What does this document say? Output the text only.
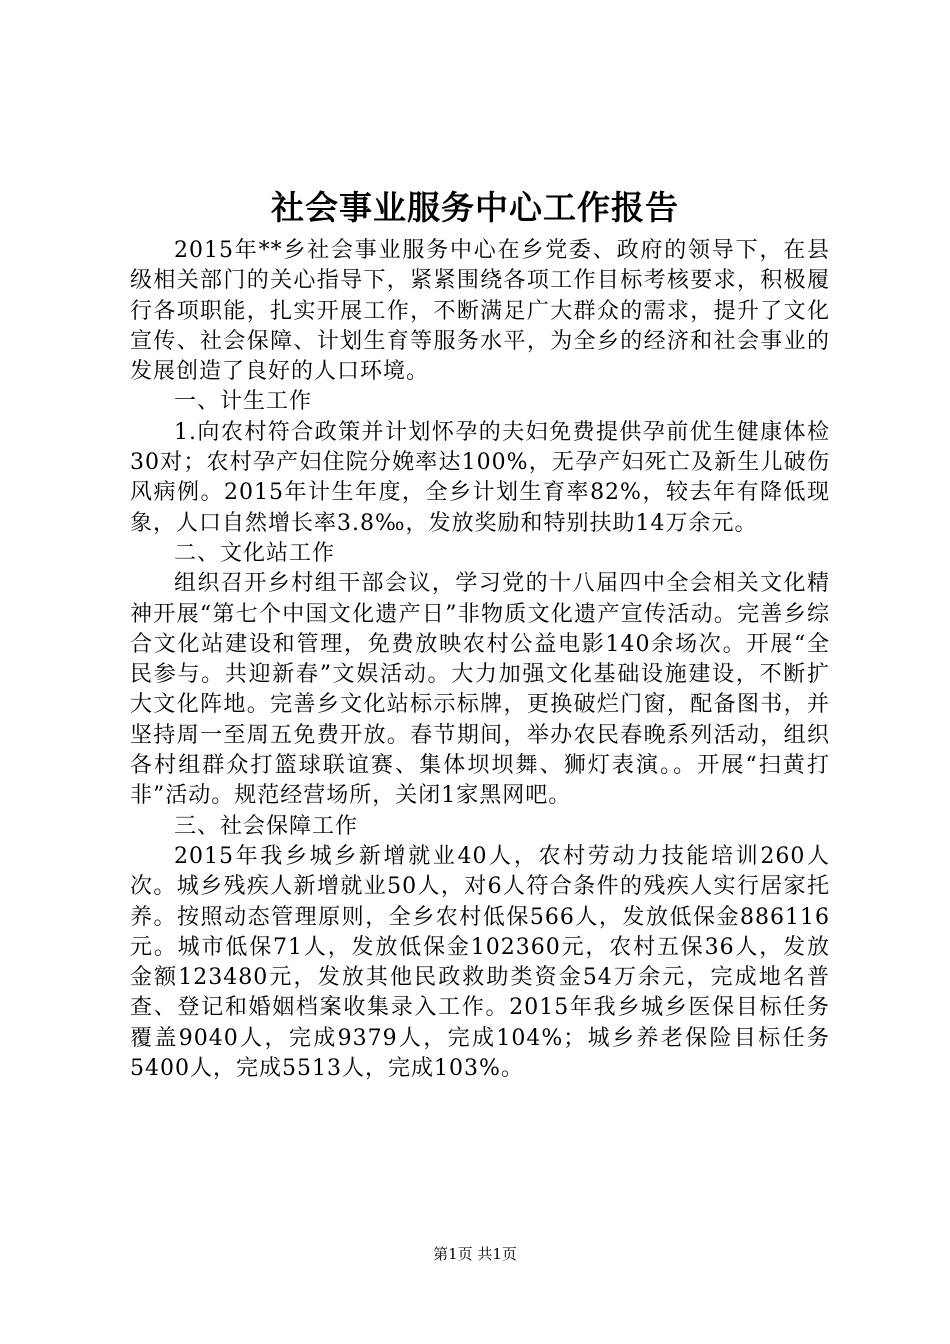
社会事业服务中心工作报告

2015年**乡社会事业服务中心在乡党委、政府的领导下，在县级相关部门的关心指导下，紧紧围绕各项工作目标考核要求，积极履行各项职能，扎实开展工作，不断满足广大群众的需求，提升了文化宣传、社会保障、计划生育等服务水平，为全乡的经济和社会事业的发展创造了良好的人口环境。

一、计生工作

1.向农村符合政策并计划怀孕的夫妇免费提供孕前优生健康体检30对；农村孕产妇住院分娩率达100%，无孕产妇死亡及新生儿破伤风病例。2015年计生年度，全乡计划生育率82%，较去年有降低现象，人口自然增长率3.8‰，发放奖励和特别扶助14万余元。

二、文化站工作

组织召开乡村组干部会议，学习党的十八届四中全会相关文化精神开展“第七个中国文化遗产日”非物质文化遗产宣传活动。完善乡综合文化站建设和管理，免费放映农村公益电影140余场次。开展“全民参与。共迎新春”文娱活动。大力加强文化基础设施建设，不断扩大文化阵地。完善乡文化站标示标牌，更换破烂门窗，配备图书，并坚持周一至周五免费开放。春节期间，举办农民春晚系列活动，组织各村组群众打篮球联谊赛、集体坝坝舞、狮灯表演。。开展“扫黄打非”活动。规范经营场所，关闭1家黑网吧。

三、社会保障工作

2015年我乡城乡新增就业40人，农村劳动力技能培训260人次。城乡残疾人新增就业50人，对6人符合条件的残疾人实行居家托养。按照动态管理原则，全乡农村低保566人，发放低保金886116元。城市低保71人，发放低保金102360元，农村五保36人，发放金额123480元，发放其他民政救助类资金54万余元，完成地名普查、登记和婚姻档案收集录入工作。2015年我乡城乡医保目标任务覆盖9040人，完成9379人，完成104%；城乡养老保险目标任务5400人，完成5513人，完成103%。

第1页 共1页
